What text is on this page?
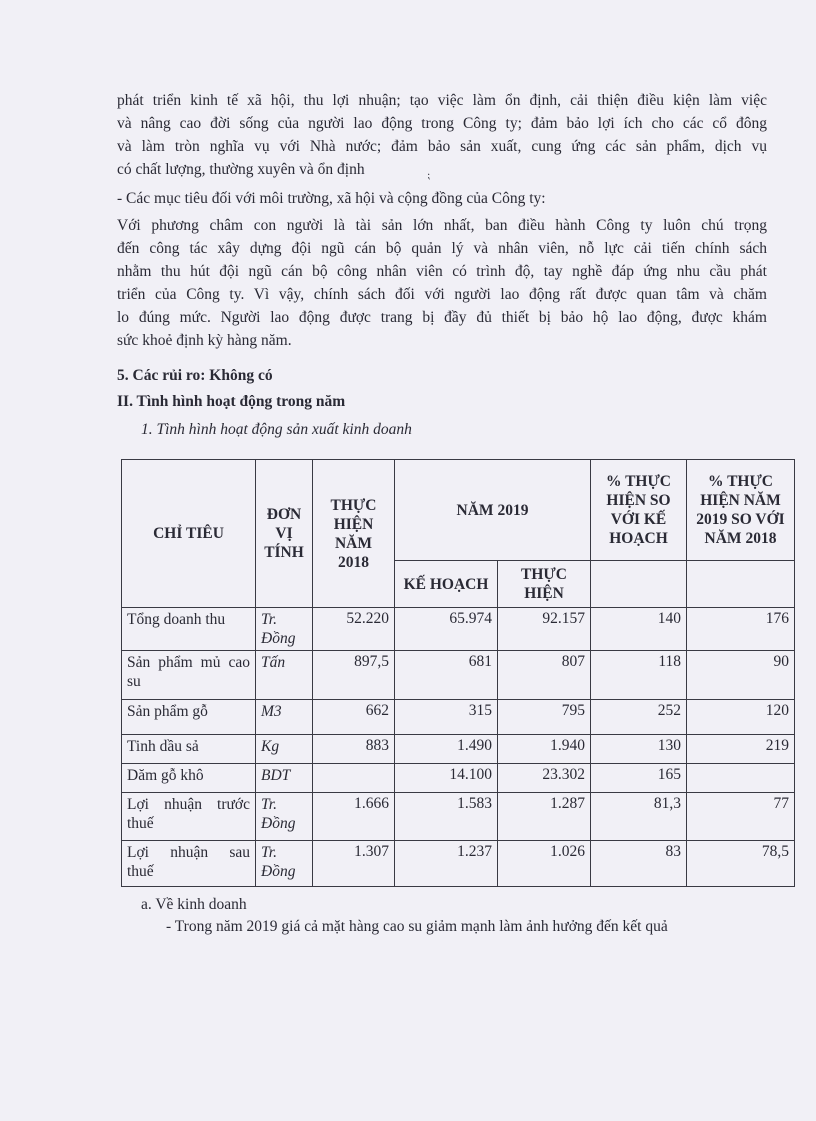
phát triển kinh tế xã hội, thu lợi nhuận; tạo việc làm ổn định, cải thiện điều kiện làm việc
và nâng cao đời sống của người lao động trong Công ty; đảm bảo lợi ích cho các cổ đông
và làm tròn nghĩa vụ với Nhà nước; đảm bảo sản xuất, cung ứng các sản phẩm, dịch vụ
có chất lượng, thường xuyên và ổn định	⁏

- Các mục tiêu đối với môi trường, xã hội và cộng đồng của Công ty:

Với phương châm con người là tài sản lớn nhất, ban điều hành Công ty luôn chú trọng
đến công tác xây dựng đội ngũ cán bộ quản lý và nhân viên, nỗ lực cải tiến chính sách
nhằm thu hút đội ngũ cán bộ công nhân viên có trình độ, tay nghề đáp ứng nhu cầu phát
triển của Công ty. Vì vậy, chính sách đối với người lao động rất được quan tâm và chăm
lo đúng mức. Người lao động được trang bị đầy đủ thiết bị bảo hộ lao động, được khám
sức khoẻ định kỳ hàng năm.

5. Các rủi ro: Không có

II. Tình hình hoạt động trong năm

1. Tình hình hoạt động sản xuất kinh doanh

CHỈ TIÊU	ĐƠN VỊ TÍNH	THỰC HIỆN NĂM 2018	NĂM 2019		% THỰC HIỆN SO VỚI KẾ HOẠCH	% THỰC HIỆN NĂM 2019 SO VỚI NĂM 2018
			KẾ HOẠCH	THỰC HIỆN		
Tổng doanh thu	Tr.
Đồng	52.220	65.974	92.157	140	176

Sản phẩm mủ cao
su	Tấn	897,5	681	807	118	90
Sản phẩm gỗ	M3	662	315	795	252	120
Tinh dầu sả	Kg	883	1.490	1.940	130	219
Dăm gỗ khô	BDT		14.100	23.302	165	

Lợi nhuận trước
thuế	Tr.
Đồng	1.666	1.583	1.287	81,3	77

Lợi nhuận sau
thuế	Tr.
Đồng	1.307	1.237	1.026	83	78,5

a. Về kinh doanh

- Trong năm 2019 giá cả mặt hàng cao su giảm mạnh làm ảnh hưởng đến kết quả
